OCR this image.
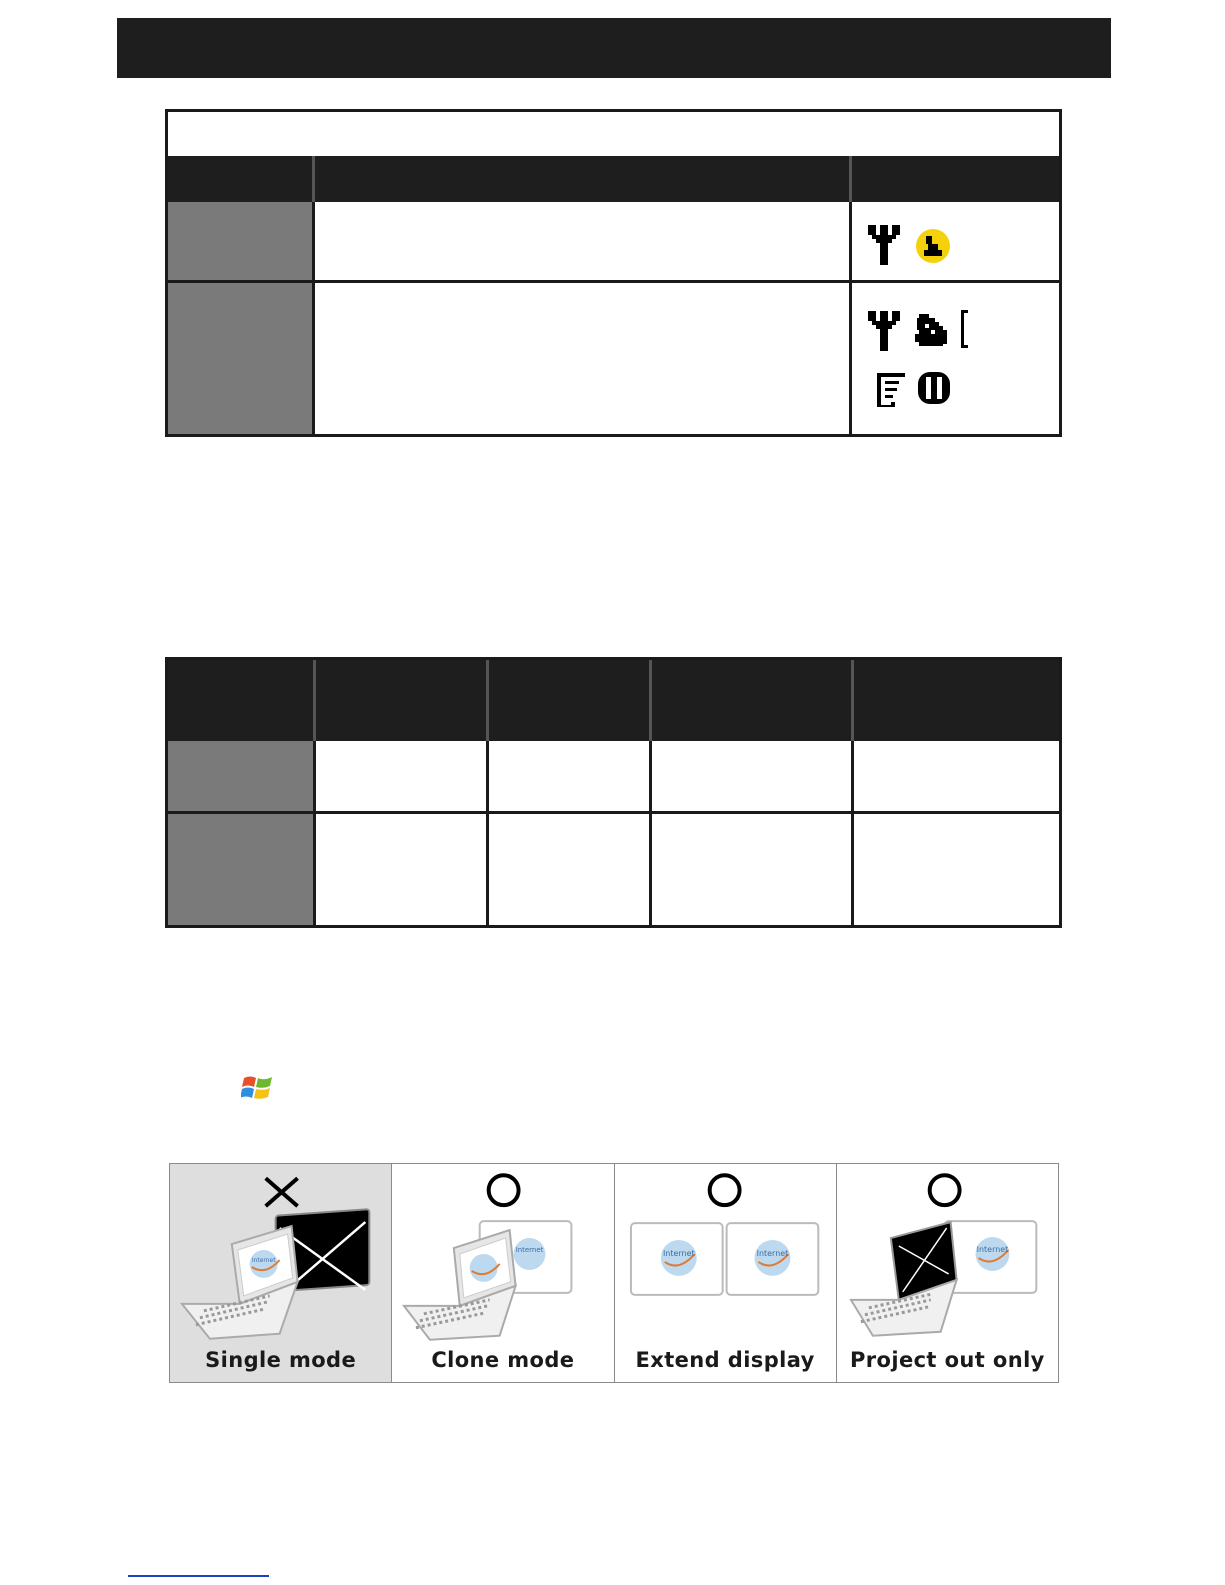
Internet
Single mode
Internet
Clone mode
Internet	Internet
Extend display
Internet
Project out only
